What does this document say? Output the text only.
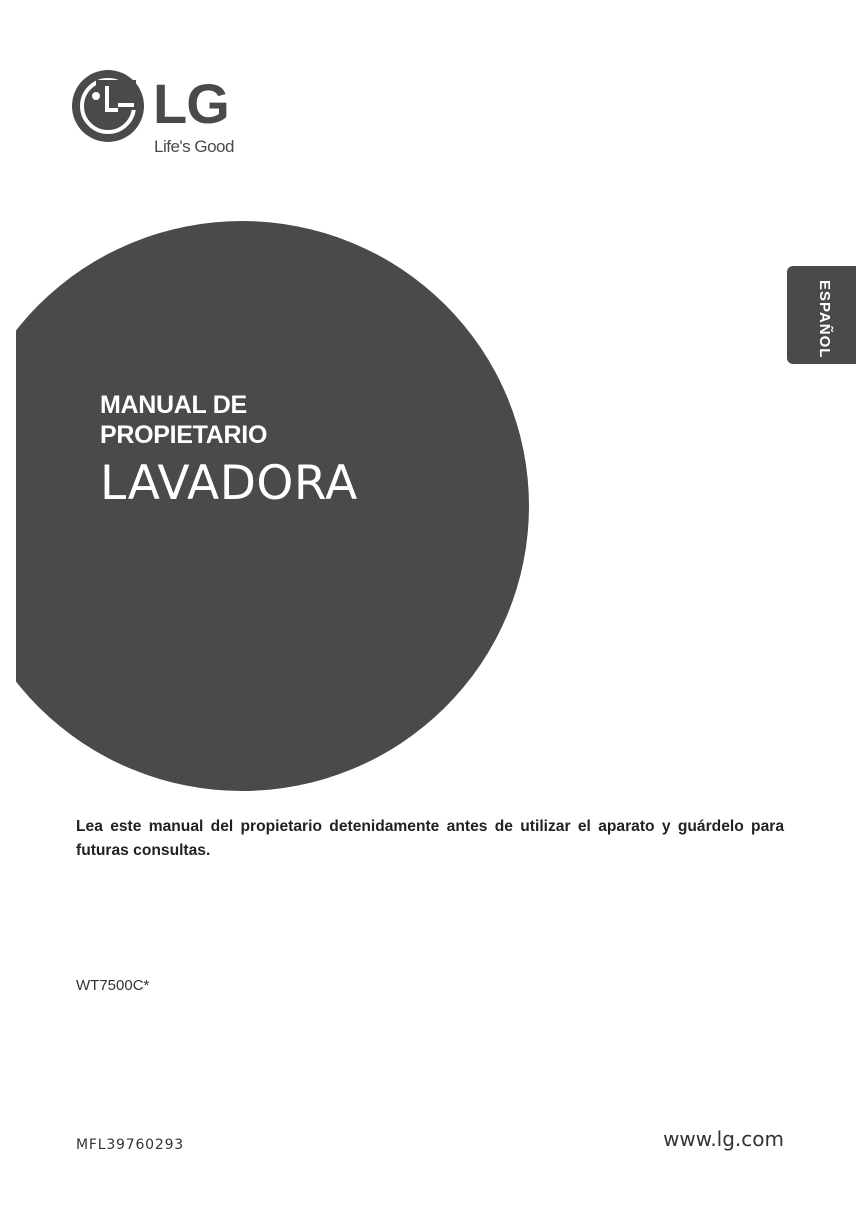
LG
Life's Good
MANUAL DE
PROPIETARIO
LAVADORA
ESPAÑOL
Lea este manual del propietario detenidamente antes de utilizar el aparato y guárdelo para futuras consultas.
WT7500C*
MFL39760293	www.lg.com
